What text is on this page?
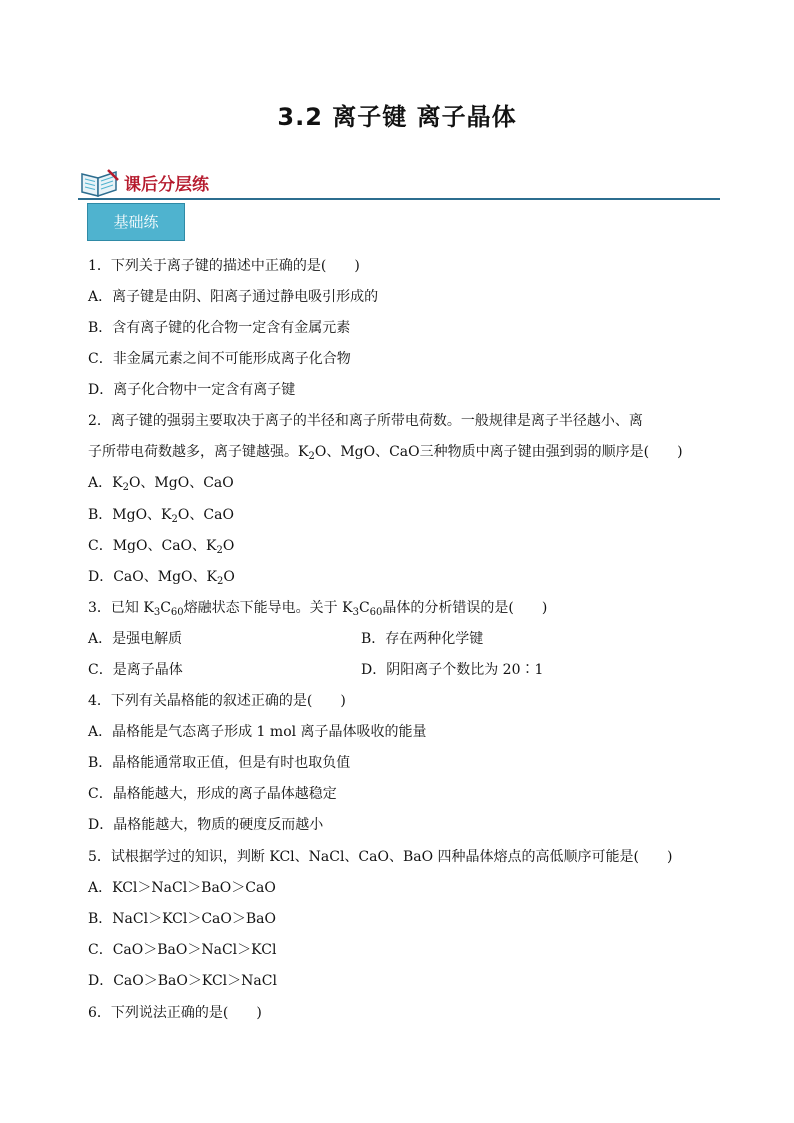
3.2 离子键 离子晶体
课后分层练
基础练
1．下列关于离子键的描述中正确的是(　　)
A．离子键是由阴、阳离子通过静电吸引形成的
B．含有离子键的化合物一定含有金属元素
C．非金属元素之间不可能形成离子化合物
D．离子化合物中一定含有离子键
2．离子键的强弱主要取决于离子的半径和离子所带电荷数。一般规律是离子半径越小、离
子所带电荷数越多，离子键越强。$K_2O$、MgO、CaO三种物质中离子键由强到弱的顺序是(　　)
A．$K_2O$、MgO、CaO
B．MgO、$K_2O$、CaO
C．MgO、CaO、$K_2O$
D．CaO、MgO、$K_2O$
3．已知 $K_3C_{60}$熔融状态下能导电。关于 $K_3C_{60}$晶体的分析错误的是(　　)
A．是强电解质	B．存在两种化学键
C．是离子晶体	D．阴阳离子个数比为 20∶1
4．下列有关晶格能的叙述正确的是(　　)
A．晶格能是气态离子形成 1 mol 离子晶体吸收的能量
B．晶格能通常取正值，但是有时也取负值
C．晶格能越大，形成的离子晶体越稳定
D．晶格能越大，物质的硬度反而越小
5．试根据学过的知识，判断 KCl、NaCl、CaO、BaO 四种晶体熔点的高低顺序可能是(　　)
A．KCl＞NaCl＞BaO＞CaO
B．NaCl＞KCl＞CaO＞BaO
C．CaO＞BaO＞NaCl＞KCl
D．CaO＞BaO＞KCl＞NaCl
6．下列说法正确的是(　　)
